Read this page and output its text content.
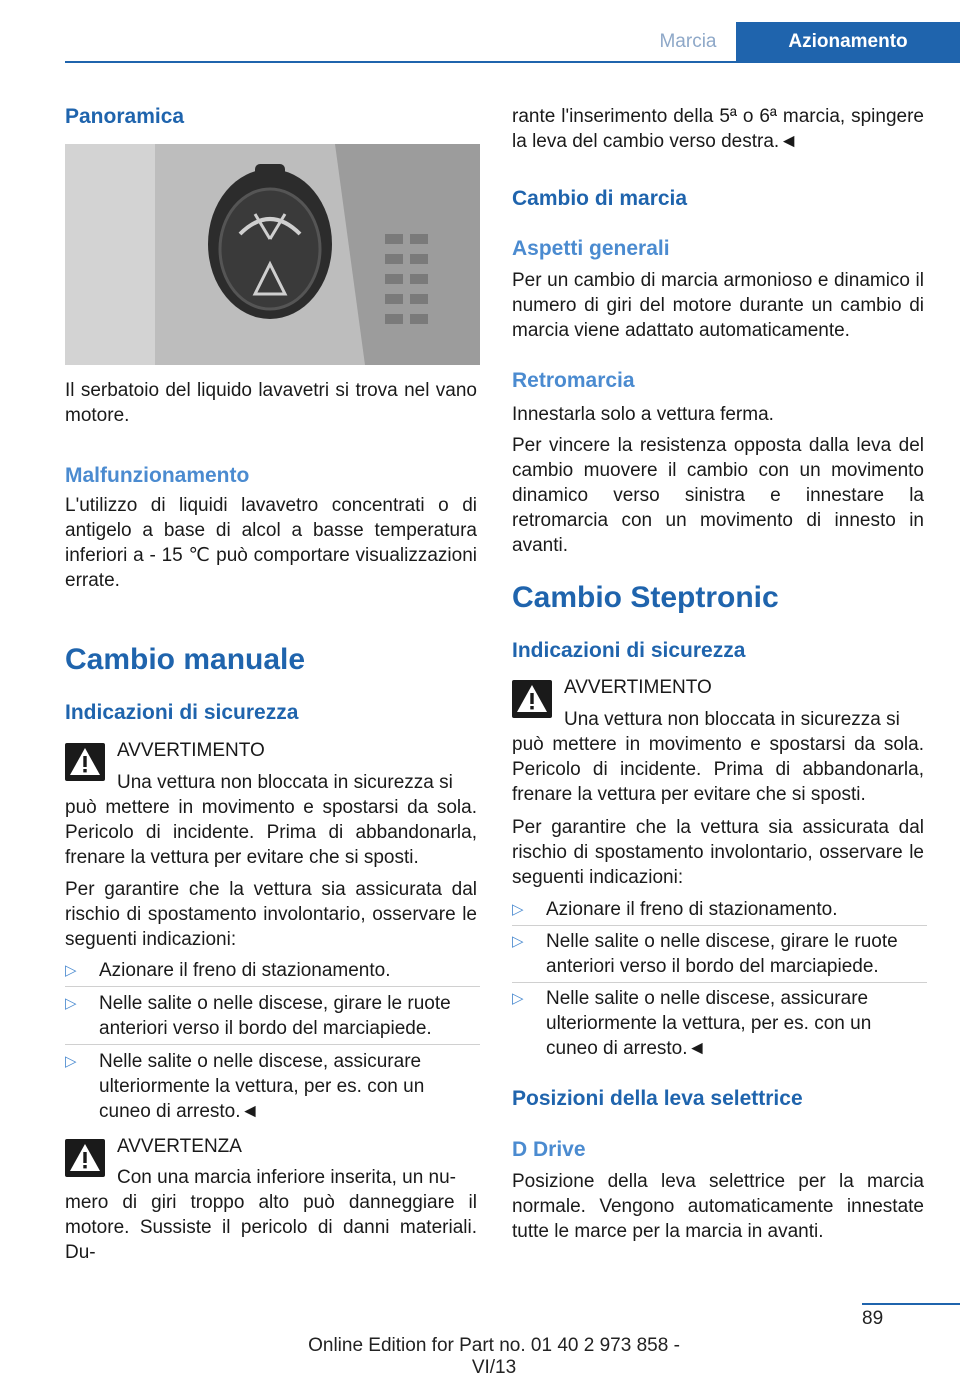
Marcia	Azionamento
Panoramica

Il serbatoio del liquido lavavetri si trova nel vano motore.

Malfunzionamento

L'utilizzo di liquidi lavavetro concentrati o di antigelo a base di alcol a basse temperatura inferiori a - 15 ℃ può comportare visualizzazioni errate.

Cambio manuale
Indicazioni di sicurezza
AVVERTIMENTO
Una vettura non bloccata in sicurezza si

può mettere in movimento e spostarsi da sola. Pericolo di incidente. Prima di abbandonarla, frenare la vettura per evitare che si sposti.

Per garantire che la vettura sia assicurata dal rischio di spostamento involontario, osservare le seguenti indicazioni:

▷ Azionare il freno di stazionamento.
▷ Nelle salite o nelle discese, girare le ruote anteriori verso il bordo del marciapiede.
▷ Nelle salite o nelle discese, assicurare ulteriormente la vettura, per es. con un cuneo di arresto.◄
AVVERTENZA
Con una marcia inferiore inserita, un nu-

mero di giri troppo alto può danneggiare il motore. Sussiste il pericolo di danni materiali. Du-

rante l'inserimento della 5ª o 6ª marcia, spingere la leva del cambio verso destra.◄

Cambio di marcia
Aspetti generali

Per un cambio di marcia armonioso e dinamico il numero di giri del motore durante un cambio di marcia viene adattato automaticamente.

Retromarcia

Innestarla solo a vettura ferma.

Per vincere la resistenza opposta dalla leva del cambio muovere il cambio con un movimento dinamico verso sinistra e innestare la retromarcia con un movimento di innesto in avanti.

Cambio Steptronic
Indicazioni di sicurezza
AVVERTIMENTO
Una vettura non bloccata in sicurezza si

può mettere in movimento e spostarsi da sola. Pericolo di incidente. Prima di abbandonarla, frenare la vettura per evitare che si sposti.

Per garantire che la vettura sia assicurata dal rischio di spostamento involontario, osservare le seguenti indicazioni:

▷ Azionare il freno di stazionamento.
▷ Nelle salite o nelle discese, girare le ruote anteriori verso il bordo del marciapiede.
▷ Nelle salite o nelle discese, assicurare ulteriormente la vettura, per es. con un cuneo di arresto.◄
Posizioni della leva selettrice
D Drive

Posizione della leva selettrice per la marcia normale. Vengono automaticamente innestate tutte le marce per la marcia in avanti.

89
Online Edition for Part no. 01 40 2 973 858 - VI/13
